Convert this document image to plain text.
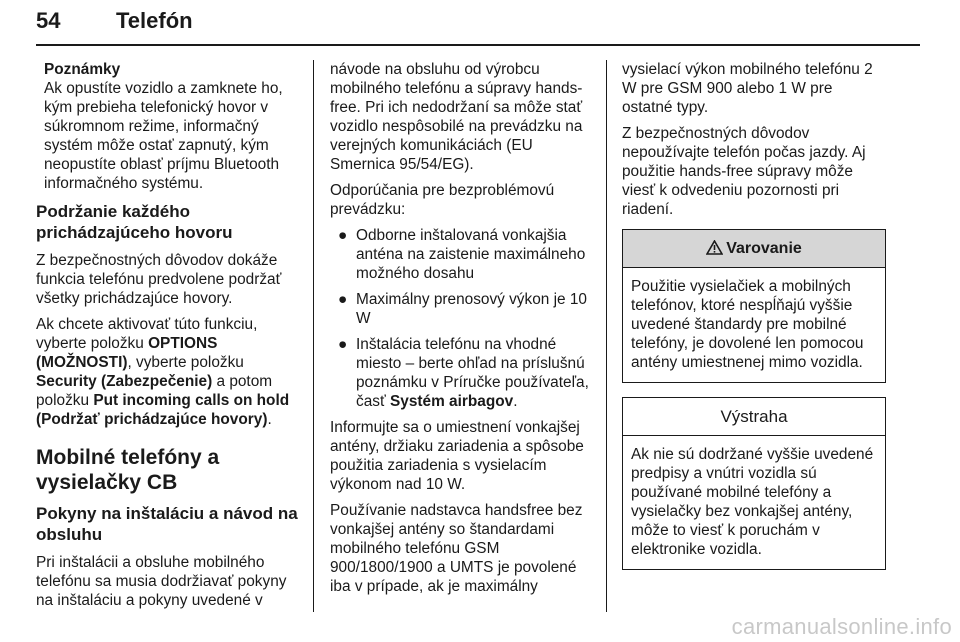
54	Telefón
Poznámky
Ak opustíte vozidlo a zamknete ho, kým prebieha telefonický hovor v súkromnom režime, informačný systém môže ostať zapnutý, kým neopustíte oblasť príjmu Bluetooth informačného systému.
Podržanie každého prichádzajúceho hovoru

Z bezpečnostných dôvodov dokáže funkcia telefónu predvolene podržať všetky prichádzajúce hovory.

Ak chcete aktivovať túto funkciu, vyberte položku OPTIONS (MOŽNOSTI), vyberte položku Security (Zabezpečenie) a potom položku Put incoming calls on hold (Podržať prichádzajúce hovory).

Mobilné telefóny a vysielačky CB
Pokyny na inštaláciu a návod na obsluhu

Pri inštalácii a obsluhe mobilného telefónu sa musia dodržiavať pokyny na inštaláciu a pokyny uvedené v

návode na obsluhu od výrobcu mobilného telefónu a súpravy hands-free. Pri ich nedodržaní sa môže stať vozidlo nespôsobilé na prevádzku na verejných komunikáciách (EU Smernica 95/54/EG).

Odporúčania pre bezproblémovú prevádzku:

● Odborne inštalovaná vonkajšia anténa na zaistenie maximálneho možného dosahu
● Maximálny prenosový výkon je 10 W
● Inštalácia telefónu na vhodné miesto – berte ohľad na príslušnú poznámku v Príručke používateľa, časť Systém airbagov.

Informujte sa o umiestnení vonkajšej antény, držiaku zariadenia a spôsobe použitia zariadenia s vysielacím výkonom nad 10 W.

Používanie nadstavca handsfree bez vonkajšej antény so štandardami mobilného telefónu GSM 900/1800/1900 a UMTS je povolené iba v prípade, ak je maximálny

vysielací výkon mobilného telefónu 2 W pre GSM 900 alebo 1 W pre ostatné typy.

Z bezpečnostných dôvodov nepoužívajte telefón počas jazdy. Aj použitie hands-free súpravy môže viesť k odvedeniu pozornosti pri riadení.

Varovanie
Použitie vysielačiek a mobilných telefónov, ktoré nespĺňajú vyššie uvedené štandardy pre mobilné telefóny, je dovolené len pomocou antény umiestnenej mimo vozidla.
Výstraha
Ak nie sú dodržané vyššie uvedené predpisy a vnútri vozidla sú používané mobilné telefóny a vysielačky bez vonkajšej antény, môže to viesť k poruchám v elektronike vozidla.
carmanualsonline.info
